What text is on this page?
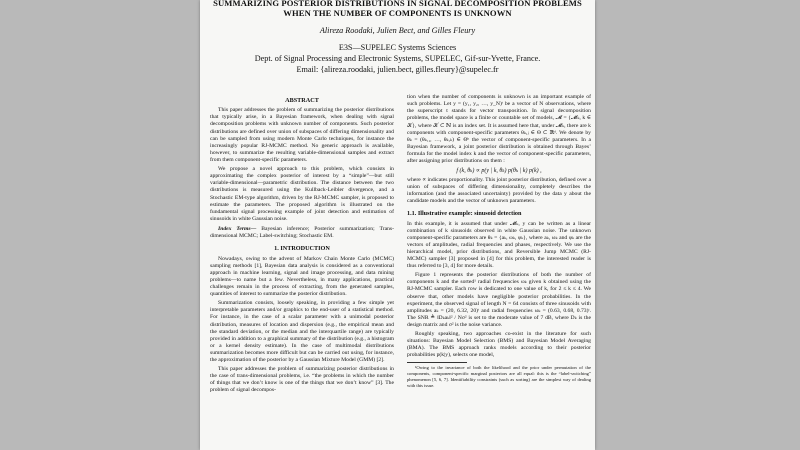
SUMMARIZING POSTERIOR DISTRIBUTIONS IN SIGNAL DECOMPOSITION PROBLEMS
WHEN THE NUMBER OF COMPONENTS IS UNKNOWN
Alireza Roodaki, Julien Bect, and Gilles Fleury
E3S—SUPELEC Systems Sciences
Dept. of Signal Processing and Electronic Systems, SUPELEC, Gif-sur-Yvette, France.
Email: {alireza.roodaki, julien.bect, gilles.fleury}@supelec.fr
ABSTRACT

This paper addresses the problem of summarizing the posterior distributions that typically arise, in a Bayesian framework, when dealing with signal decomposition problems with unknown number of components. Such posterior distributions are defined over union of subspaces of differing dimensionality and can be sampled from using modern Monte Carlo techniques, for instance the increasingly popular RJ-MCMC method. No generic approach is available, however, to summarize the resulting variable-dimensional samples and extract from them component-specific parameters.

We propose a novel approach to this problem, which consists in approximating the complex posterior of interest by a “simple”—but still variable-dimensional—parametric distribution. The distance between the two distributions is measured using the Kullback-Leibler divergence, and a Stochastic EM-type algorithm, driven by the RJ-MCMC sampler, is proposed to estimate the parameters. The proposed algorithm is illustrated on the fundamental signal processing example of joint detection and estimation of sinusoids in white Gaussian noise.

Index Terms— Bayesian inference; Posterior summarization; Trans-dimensional MCMC; Label-switching; Stochastic EM.

1. INTRODUCTION

Nowadays, owing to the advent of Markov Chain Monte Carlo (MCMC) sampling methods [1], Bayesian data analysis is considered as a conventional approach in machine learning, signal and image processing, and data mining problems—to name but a few. Nevertheless, in many applications, practical challenges remain in the process of extracting, from the generated samples, quantities of interest to summarize the posterior distribution.

Summarization consists, loosely speaking, in providing a few simple yet interpretable parameters and/or graphics to the end-user of a statistical method. For instance, in the case of a scalar parameter with a unimodal posterior distribution, measures of location and dispersion (e.g., the empirical mean and the standard deviation, or the median and the interquartile range) are typically provided in addition to a graphical summary of the distribution (e.g., a histogram or a kernel density estimate). In the case of multimodal distributions summarization becomes more difficult but can be carried out using, for instance, the approximation of the posterior by a Gaussian Mixture Model (GMM) [2].

This paper addresses the problem of summarizing posterior distributions in the case of trans-dimensional problems, i.e. “the problems in which the number of things that we don’t know is one of the things that we don’t know” [3]. The problem of signal decompos-

tion when the number of components is unknown is an important example of such problems. Let y = (y₁, y₂, …, y_N)ᵗ be a vector of N observations, where the superscript t stands for vector transposition. In signal decomposition problems, the model space is a finite or countable set of models, 𝓜 = {𝓜ₖ, k ∈ 𝒦}, where 𝒦 ⊂ ℕ is an index set. It is assumed here that, under 𝓜ₖ, there are k components with component-specific parameters θₖ,ⱼ ∈ Θ ⊂ ℝᵈ. We denote by θₖ = (θₖ,₁, …, θₖ,ₖ) ∈ Θᵏ the vector of component-specific parameters. In a Bayesian framework, a joint posterior distribution is obtained through Bayes’ formula for the model index k and the vector of component-specific parameters, after assigning prior distributions on them :

f (k, θₖ) ∝ p(y | k, θₖ) p(θₖ | k) p(k) ,

where ∝ indicates proportionality. This joint posterior distribution, defined over a union of subspaces of differing dimensionality, completely describes the information (and the associated uncertainty) provided by the data y about the candidate models and the vector of unknown parameters.

1.1. Illustrative example: sinusoid detection

In this example, it is assumed that under 𝓜ₖ, y can be written as a linear combination of k sinusoids observed in white Gaussian noise. The unknown component-specific parameters are θₖ = {aₖ, ωₖ, φₖ}, where aₖ, ωₖ and φₖ are the vectors of amplitudes, radial frequencies and phases, respectively. We use the hierarchical model, prior distributions, and Reversible Jump MCMC (RJ-MCMC) sampler [3] proposed in [4] for this problem, the interested reader is thus referred to [3, 4] for more details.

Figure 1 represents the posterior distributions of both the number of components k and the sorted¹ radial frequencies ωₖ given k obtained using the RJ-MCMC sampler. Each row is dedicated to one value of k, for 2 ≤ k ≤ 4. We observe that, other models have negligible posterior probabilities. In the experiment, the observed signal of length N = 64 consists of three sinusoids with amplitudes aₖ = (20, 6.32, 20)ᵗ and radial frequencies ωₖ = (0.63, 0.68, 0.73)ᵗ. The SNR ≜ ‖Dₖaₖ‖² / Nσ² is set to the moderate value of 7 dB, where Dₖ is the design matrix and σ² is the noise variance.

Roughly speaking, two approaches co-exist in the literature for such situations: Bayesian Model Selection (BMS) and Bayesian Model Averaging (BMA). The BMS approach ranks models according to their posterior probabilities p(k|y), selects one model,

¹Owing to the invariance of both the likelihood and the prior under permutation of the components, component-specific marginal posteriors are all equal: this is the “label-switching” phenomenon [5, 6, 7]. Identifiability constraints (such as sorting) are the simplest way of dealing with this issue.
